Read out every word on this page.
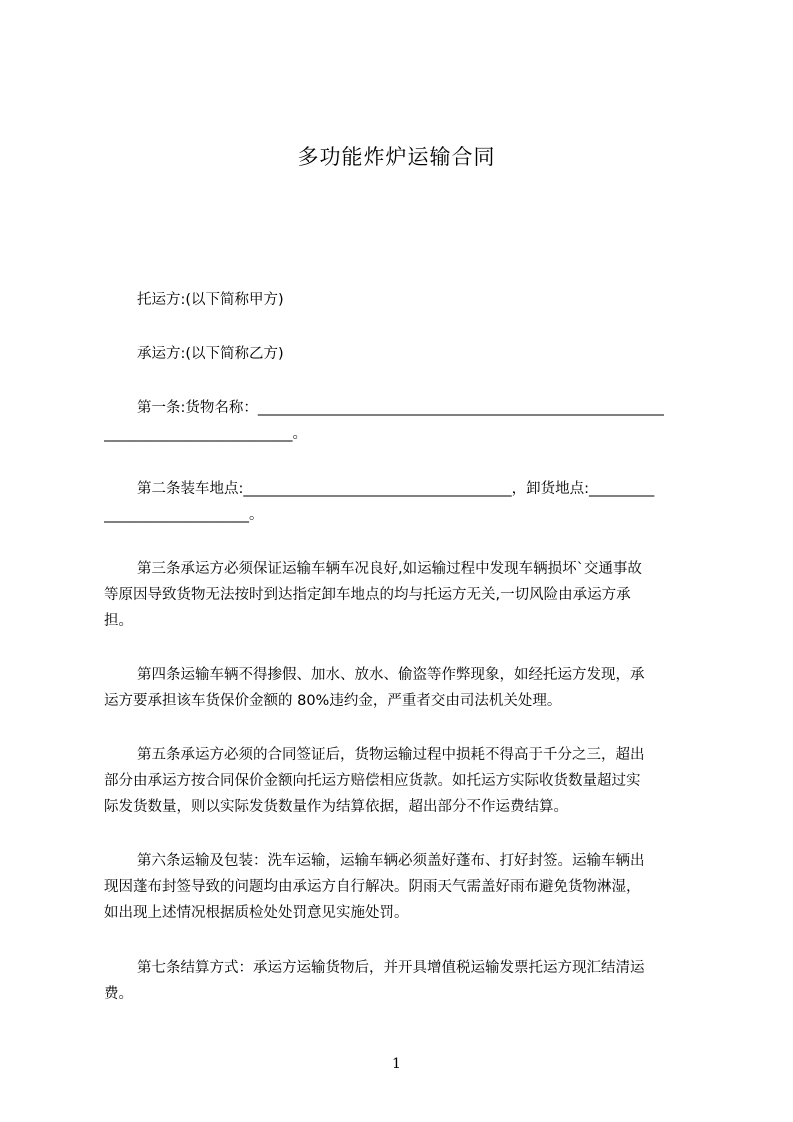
多功能炸炉运输合同

托运方:(以下简称甲方)

承运方:(以下简称乙方)

第一条:货物名称：________________________________________________________
__________________________。

第二条装车地点:_____________________________________，卸货地点:_________
____________________。

第三条承运方必须保证运输车辆车况良好,如运输过程中发现车辆损坏`交通事故
等原因导致货物无法按时到达指定卸车地点的均与托运方无关,一切风险由承运方承
担。

第四条运输车辆不得掺假、加水、放水、偷盗等作弊现象，如经托运方发现，承
运方要承担该车货保价金额的 80%违约金，严重者交由司法机关处理。

第五条承运方必须的合同签证后，货物运输过程中损耗不得高于千分之三，超出
部分由承运方按合同保价金额向托运方赔偿相应货款。如托运方实际收货数量超过实
际发货数量，则以实际发货数量作为结算依据，超出部分不作运费结算。

第六条运输及包装：洗车运输，运输车辆必须盖好蓬布、打好封签。运输车辆出
现因蓬布封签导致的问题均由承运方自行解决。阴雨天气需盖好雨布避免货物淋湿，
如出现上述情况根据质检处处罚意见实施处罚。

第七条结算方式：承运方运输货物后，并开具增值税运输发票托运方现汇结清运
费。

1
